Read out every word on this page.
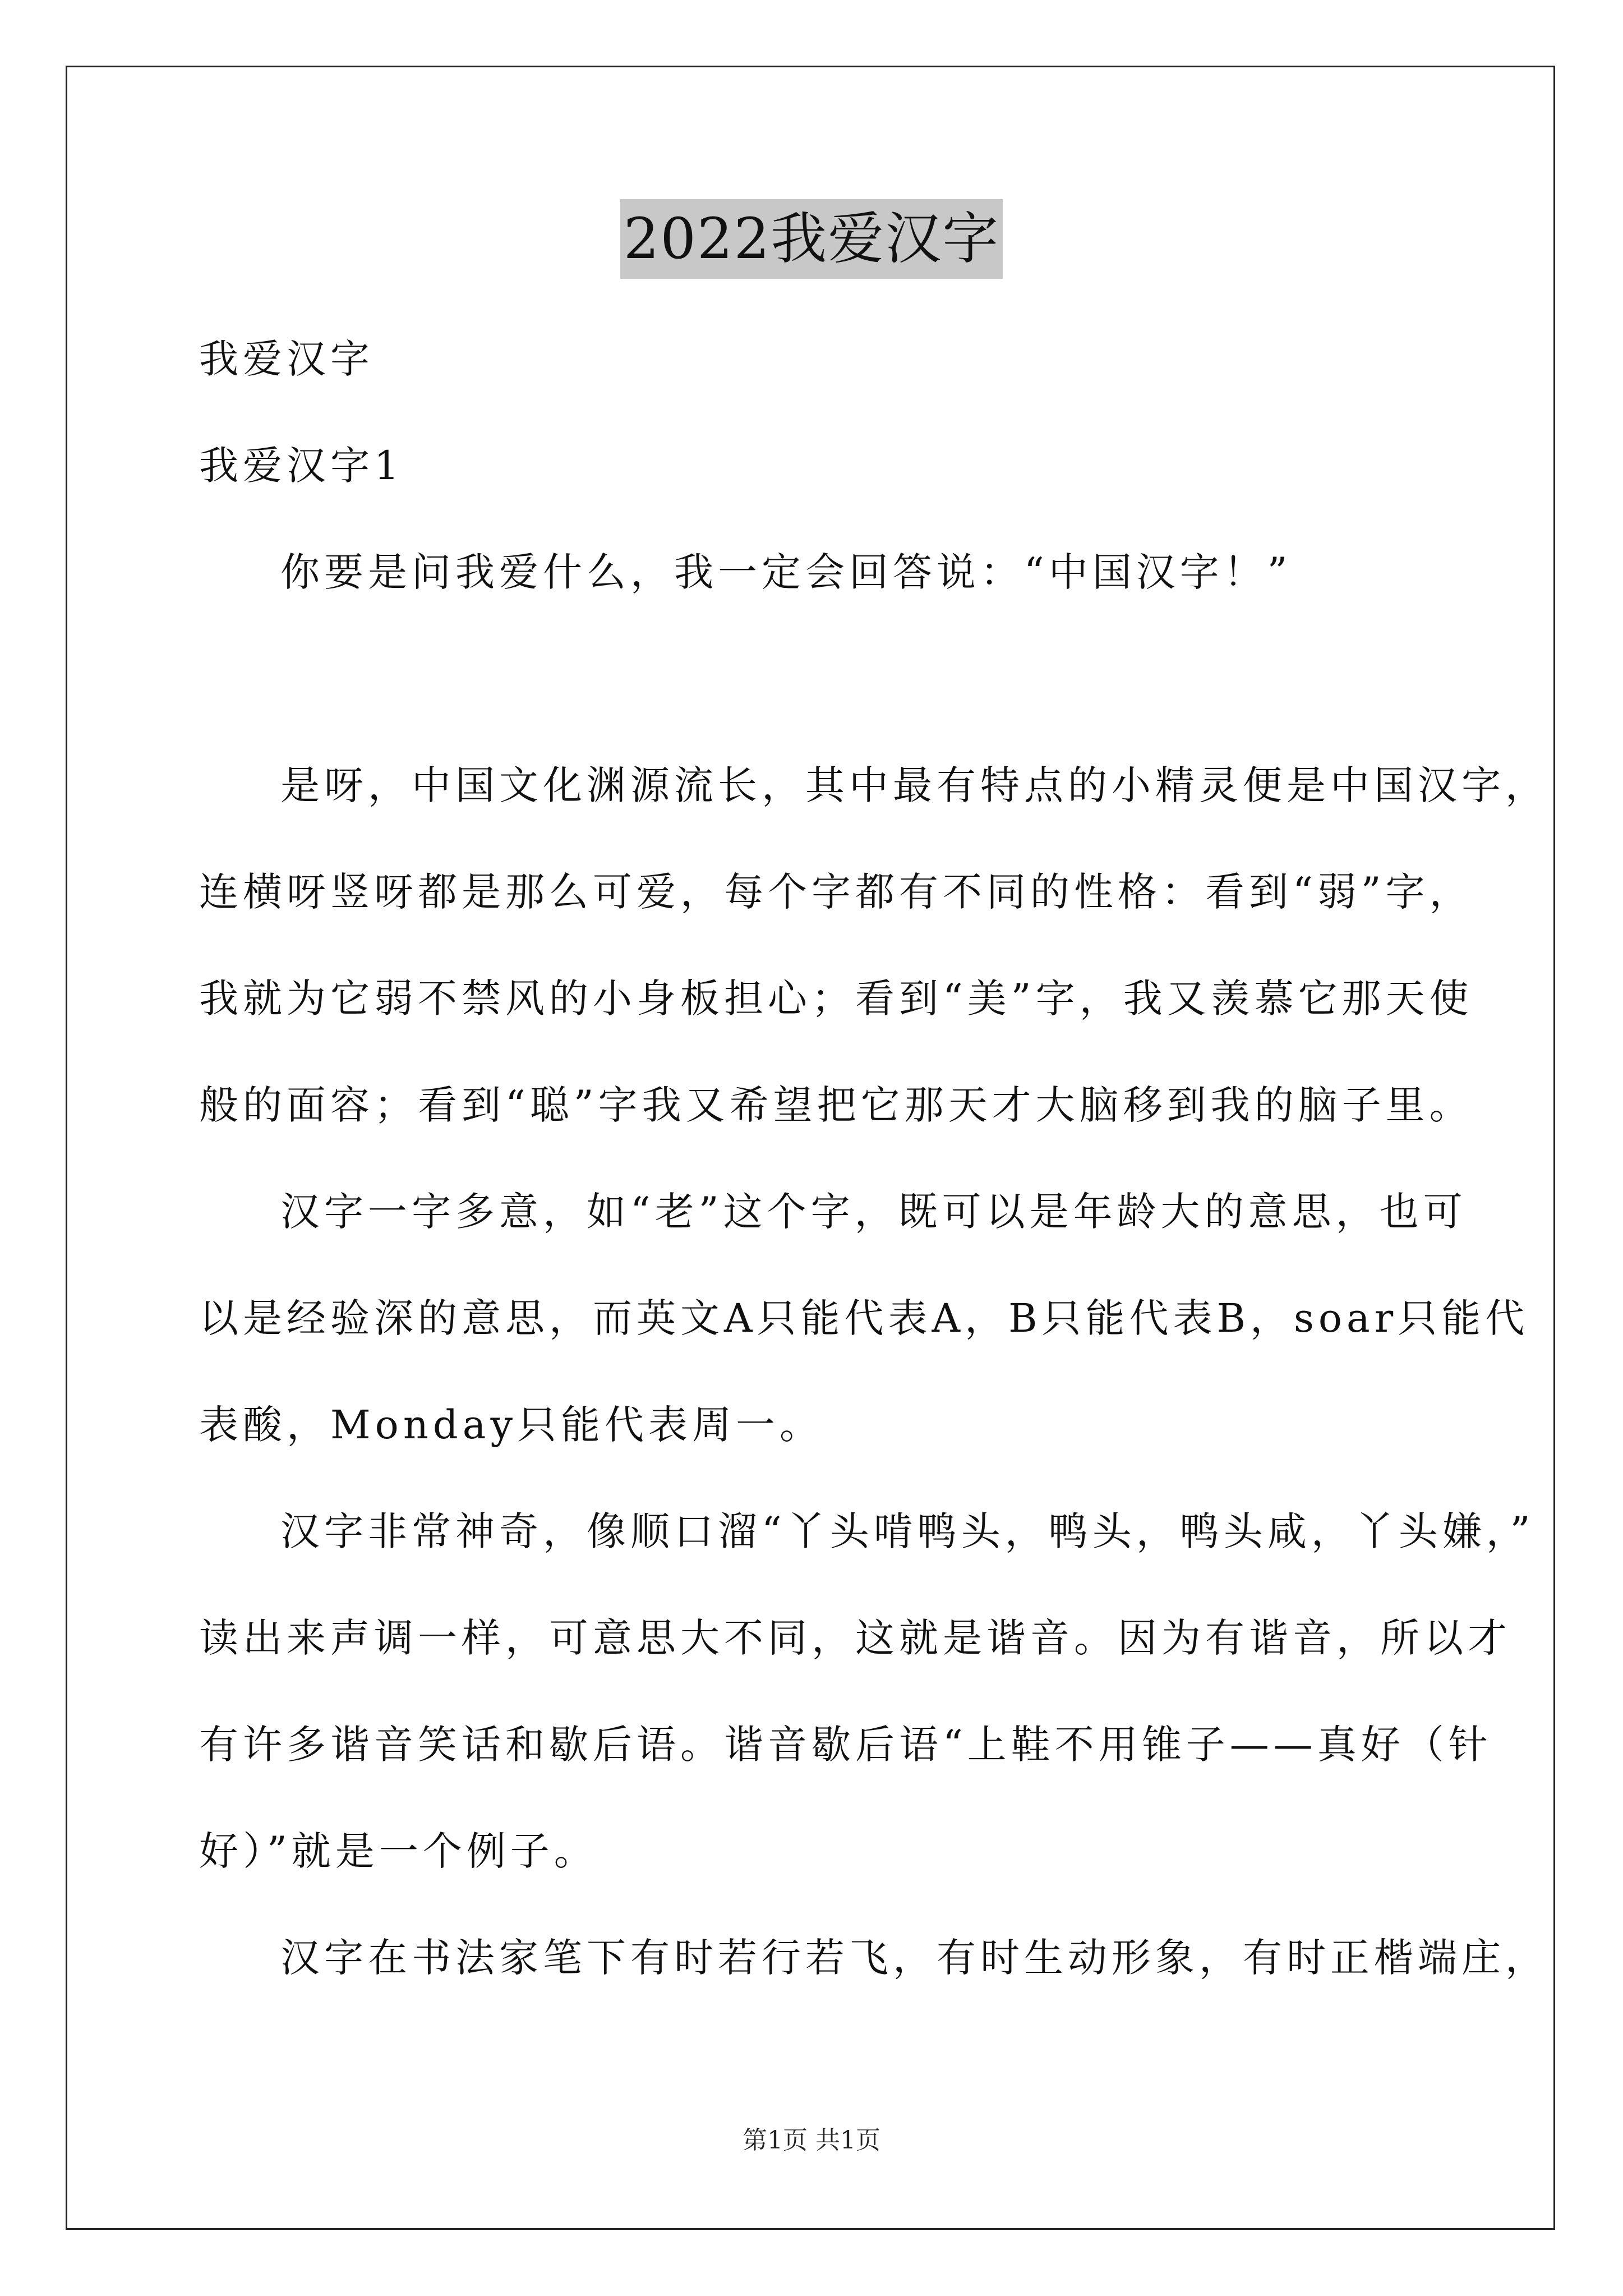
2022我爱汉字
我爱汉字
我爱汉字1
你要是问我爱什么，我一定会回答说：“中国汉字！”
是呀，中国文化渊源流长，其中最有特点的小精灵便是中国汉字，
连横呀竖呀都是那么可爱，每个字都有不同的性格：看到“弱”字，
我就为它弱不禁风的小身板担心；看到“美”字，我又羡慕它那天使
般的面容；看到“聪”字我又希望把它那天才大脑移到我的脑子里。
汉字一字多意，如“老”这个字，既可以是年龄大的意思，也可
以是经验深的意思，而英文A只能代表A，B只能代表B，soar只能代
表酸，Monday只能代表周一。
汉字非常神奇，像顺口溜“丫头啃鸭头，鸭头，鸭头咸，丫头嫌，”
读出来声调一样，可意思大不同，这就是谐音。因为有谐音，所以才
有许多谐音笑话和歇后语。谐音歇后语“上鞋不用锥子——真好（针
好）”就是一个例子。
汉字在书法家笔下有时若行若飞，有时生动形象，有时正楷端庄，
第1页 共1页
